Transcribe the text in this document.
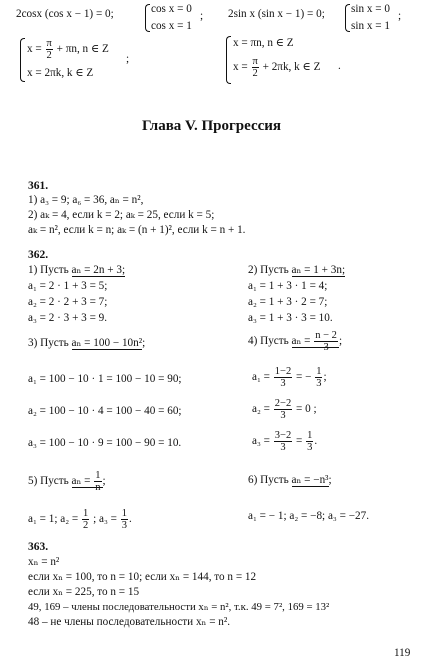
2cosx (cos x − 1) = 0;	cos x = 0
cos x = 1
; 2sin x (sin x − 1) = 0; sin x = 0
sin x = 1
;
$x = \frac{\pi}{2} + \pi n$, n ∈ Z
x = 2πk, k ∈ Z
;
x = πn, n ∈ Z
$x = \frac{\pi}{2} + 2\pi k$, k ∈ Z .
Глава V. Прогрессия
361.
1) a₃ = 9; a₆ = 36, aₙ = n²,
2) aₖ = 4, если k = 2; aₖ = 25, если k = 5;
aₖ = n², если k = n; aₖ = (n + 1)², если k = n + 1.
362.
1) Пусть aₙ = 2n + 3;
a₁ = 2 · 1 + 3 = 5;
a₂ = 2 · 2 + 3 = 7;
a₃ = 2 · 3 + 3 = 9.
2) Пусть aₙ = 1 + 3n;
a₁ = 1 + 3 · 1 = 4;
a₂ = 1 + 3 · 2 = 7;
a₃ = 1 + 3 · 3 = 10.
3) Пусть aₙ = 100 − 10n²;
a₁ = 100 − 10 · 1 = 100 − 10 = 90;
a₂ = 100 − 10 · 4 = 100 − 40 = 60;
a₃ = 100 − 10 · 9 = 100 − 90 = 10.
4) Пусть $a_n = \frac{n - 2}{3}$ ;
$a_1 = \frac{1-2}{3}$ = − $\frac{1}{3}$ ;
$a_2 = \frac{2-2}{3} = 0$ ;
$a_3 = \frac{3-2}{3} = \frac{1}{3}$ .
5) Пусть $a_n = \frac{1}{n}$ ;
a₁ = 1; $a_2 = \frac{1}{2}$ ; $a_3 = \frac{1}{3}$ .
6) Пусть aₙ = −n³;
a₁ = − 1; a₂ = −8; a₃ = −27.
363.
xₙ = n²
если xₙ = 100, то n = 10; если xₙ = 144, то n = 12
если xₙ = 225, то n = 15
49, 169 – члены последовательности xₙ = n², т.к. 49 = 7², 169 = 13²
48 – не члены последовательности xₙ = n².
119
